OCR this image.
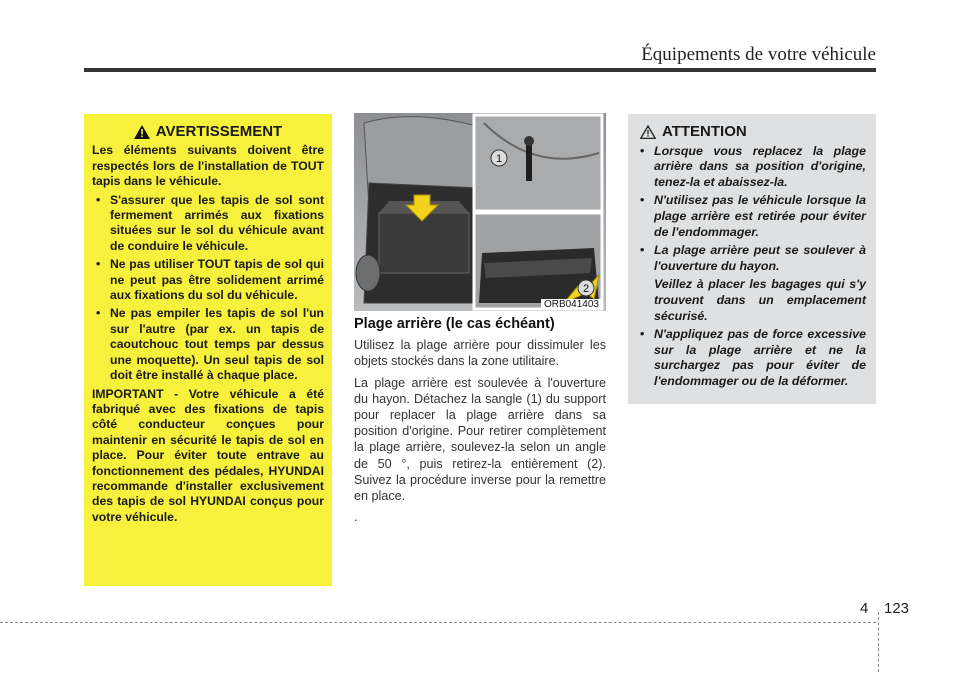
Équipements de votre véhicule
AVERTISSEMENT

Les éléments suivants doivent être respectés lors de l'installation de TOUT tapis dans le véhicule.

• S'assurer que les tapis de sol sont fermement arrimés aux fixations situées sur le sol du véhicule avant de conduire le véhicule.
• Ne pas utiliser TOUT tapis de sol qui ne peut pas être solidement arrimé aux fixations du sol du véhicule.
• Ne pas empiler les tapis de sol l'un sur l'autre (par ex. un tapis de caoutchouc tout temps par dessus une moquette). Un seul tapis de sol doit être installé à chaque place.

IMPORTANT - Votre véhicule a été fabriqué avec des fixations de tapis côté conducteur conçues pour maintenir en sécurité le tapis de sol en place. Pour éviter toute entrave au fonctionnement des pédales, HYUNDAI recommande d'installer exclusivement des tapis de sol HYUNDAI conçus pour votre véhicule.

1
2
ORB041403
Plage arrière (le cas échéant)

Utilisez la plage arrière pour dissimuler les objets stockés dans la zone utilitaire.

La plage arrière est soulevée à l'ouverture du hayon. Détachez la sangle (1) du support pour replacer la plage arrière dans sa position d'origine. Pour retirer complètement la plage arrière, soulevez-la selon un angle de 50 °, puis retirez-la entièrement (2). Suivez la procédure inverse pour la remettre en place.

.

ATTENTION
• Lorsque vous replacez la plage arrière dans sa position d'origine, tenez-la et abaissez-la.
• N'utilisez pas le véhicule lorsque la plage arrière est retirée pour éviter de l'endommager.
• La plage arrière peut se soulever à l'ouverture du hayon.
Veillez à placer les bagages qui s'y trouvent dans un emplacement sécurisé.
• N'appliquez pas de force excessive sur la plage arrière et ne la surchargez pas pour éviter de l'endommager ou de la déformer.
4 123
